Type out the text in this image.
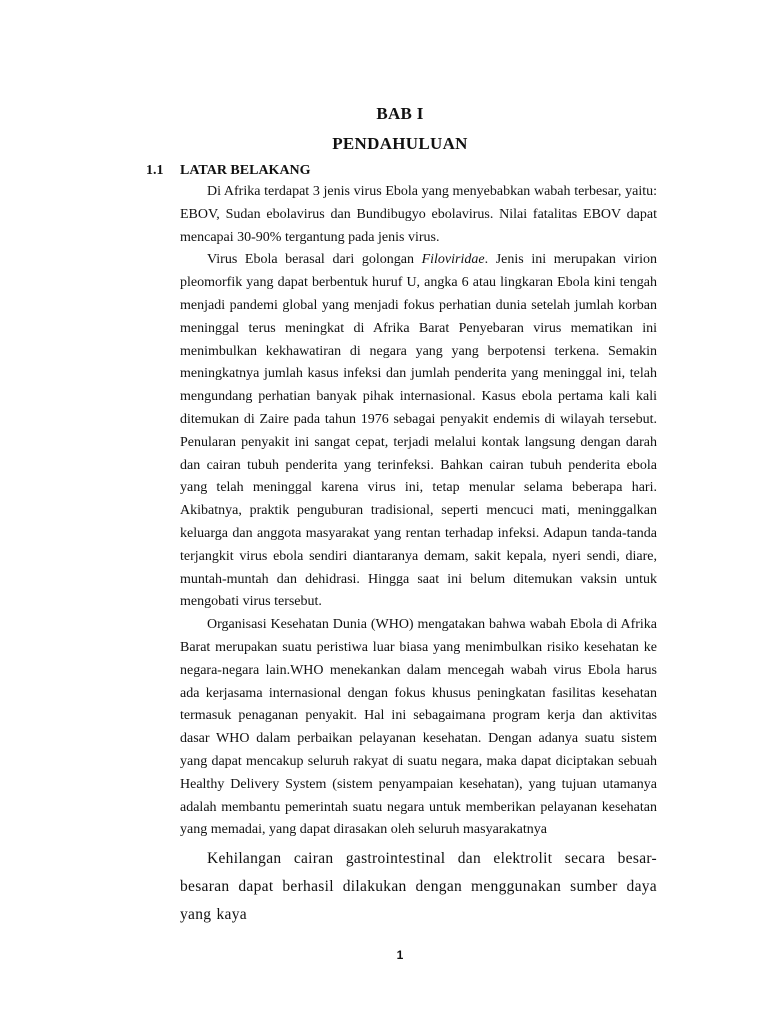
BAB I
PENDAHULUAN
1.1 LATAR BELAKANG

Di Afrika terdapat 3 jenis virus Ebola yang menyebabkan wabah terbesar, yaitu: EBOV, Sudan ebolavirus dan Bundibugyo ebolavirus. Nilai fatalitas EBOV dapat mencapai 30-90% tergantung pada jenis virus.

Virus Ebola berasal dari golongan Filoviridae. Jenis ini merupakan virion pleomorfik yang dapat berbentuk huruf U, angka 6 atau lingkaran Ebola kini tengah menjadi pandemi global yang menjadi fokus perhatian dunia setelah jumlah korban meninggal terus meningkat di Afrika Barat Penyebaran virus mematikan ini menimbulkan kekhawatiran di negara yang yang berpotensi terkena. Semakin meningkatnya jumlah kasus infeksi dan jumlah penderita yang meninggal ini, telah mengundang perhatian banyak pihak internasional. Kasus ebola pertama kali kali ditemukan di Zaire pada tahun 1976 sebagai penyakit endemis di wilayah tersebut. Penularan penyakit ini sangat cepat, terjadi melalui kontak langsung dengan darah dan cairan tubuh penderita yang terinfeksi. Bahkan cairan tubuh penderita ebola yang telah meninggal karena virus ini, tetap menular selama beberapa hari. Akibatnya, praktik penguburan tradisional, seperti mencuci mati, meninggalkan keluarga dan anggota masyarakat yang rentan terhadap infeksi. Adapun tanda-tanda terjangkit virus ebola sendiri diantaranya demam, sakit kepala, nyeri sendi, diare, muntah-muntah dan dehidrasi. Hingga saat ini belum ditemukan vaksin untuk mengobati virus tersebut.

Organisasi Kesehatan Dunia (WHO) mengatakan bahwa wabah Ebola di Afrika Barat merupakan suatu peristiwa luar biasa yang menimbulkan risiko kesehatan ke negara-negara lain.WHO menekankan dalam mencegah wabah virus Ebola harus ada kerjasama internasional dengan fokus khusus peningkatan fasilitas kesehatan termasuk penaganan penyakit. Hal ini sebagaimana program kerja dan aktivitas dasar WHO dalam perbaikan pelayanan kesehatan. Dengan adanya suatu sistem yang dapat mencakup seluruh rakyat di suatu negara, maka dapat diciptakan sebuah Healthy Delivery System (sistem penyampaian kesehatan), yang tujuan utamanya adalah membantu pemerintah suatu negara untuk memberikan pelayanan kesehatan yang memadai, yang dapat dirasakan oleh seluruh masyarakatnya

Kehilangan cairan gastrointestinal dan elektrolit secara besar-besaran dapat berhasil dilakukan dengan menggunakan sumber daya yang kaya

1
